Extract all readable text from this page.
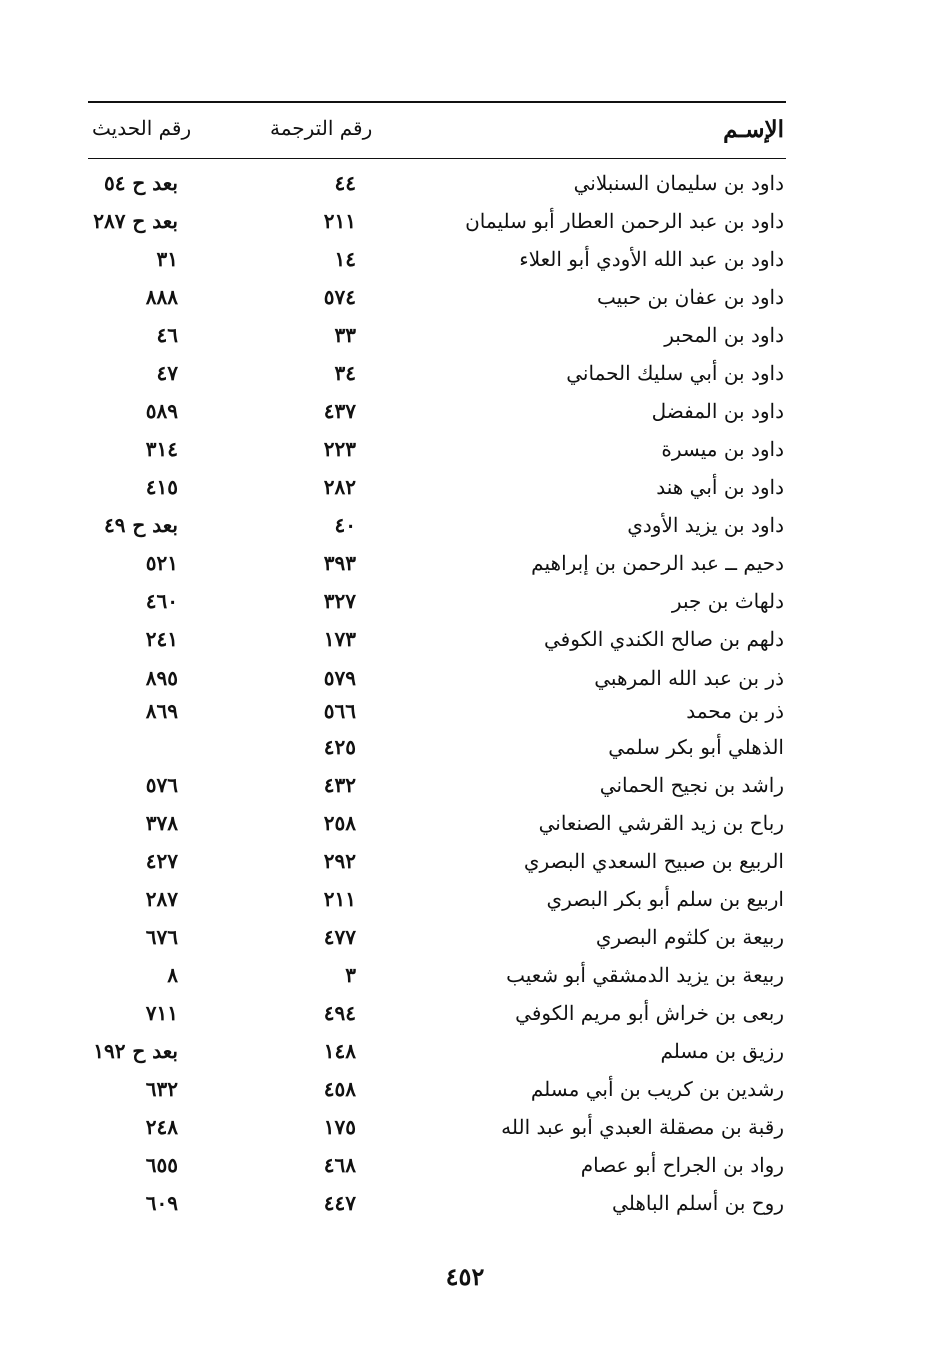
الإسـم
رقم الترجمة
رقم الحديث
داود بن سليمان السنبلاني
٤٤
بعد ح ٥٤
داود بن عبد الرحمن العطار أبو سليمان
٢١١
بعد ح ٢٨٧
داود بن عبد الله الأودي أبو العلاء
١٤
٣١
داود بن عفان بن حبيب
٥٧٤
٨٨٨
داود بن المحبر
٣٣
٤٦
داود بن أبي سليك الحماني
٣٤
٤٧
داود بن المفضل
٤٣٧
٥٨٩
داود بن ميسرة
٢٢٣
٣١٤
داود بن أبي هند
٢٨٢
٤١٥
داود بن يزيد الأودي
٤٠
بعد ح ٤٩
دحيم ــ عبد الرحمن بن إبراهيم
٣٩٣
٥٢١
دلهاث بن جبر
٣٢٧
٤٦٠
دلهم بن صالح الكندي الكوفي
١٧٣
٢٤١
ذر بن عبد الله المرهبي
٥٧٩
٨٩٥
ذر بن محمد
٥٦٦
٨٦٩
الذهلي أبو بكر سلمي
٤٢٥
راشد بن نجيح الحماني
٤٣٢
٥٧٦
رباح بن زيد القرشي الصنعاني
٢٥٨
٣٧٨
الربيع بن صبيح السعدي البصري
٢٩٢
٤٢٧
اربيع بن سلم أبو بكر البصري
٢١١
٢٨٧
ربيعة بن كلثوم البصري
٤٧٧
٦٧٦
ربيعة بن يزيد الدمشقي أبو شعيب
٣
٨
ربعى بن خراش أبو مريم الكوفي
٤٩٤
٧١١
رزيق بن مسلم
١٤٨
بعد ح ١٩٢
رشدين بن كريب بن أبي مسلم
٤٥٨
٦٣٢
رقبة بن مصقلة العبدي أبو عبد الله
١٧٥
٢٤٨
رواد بن الجراح أبو عصام
٤٦٨
٦٥٥
روح بن أسلم الباهلي
٤٤٧
٦٠٩
٤٥٢
